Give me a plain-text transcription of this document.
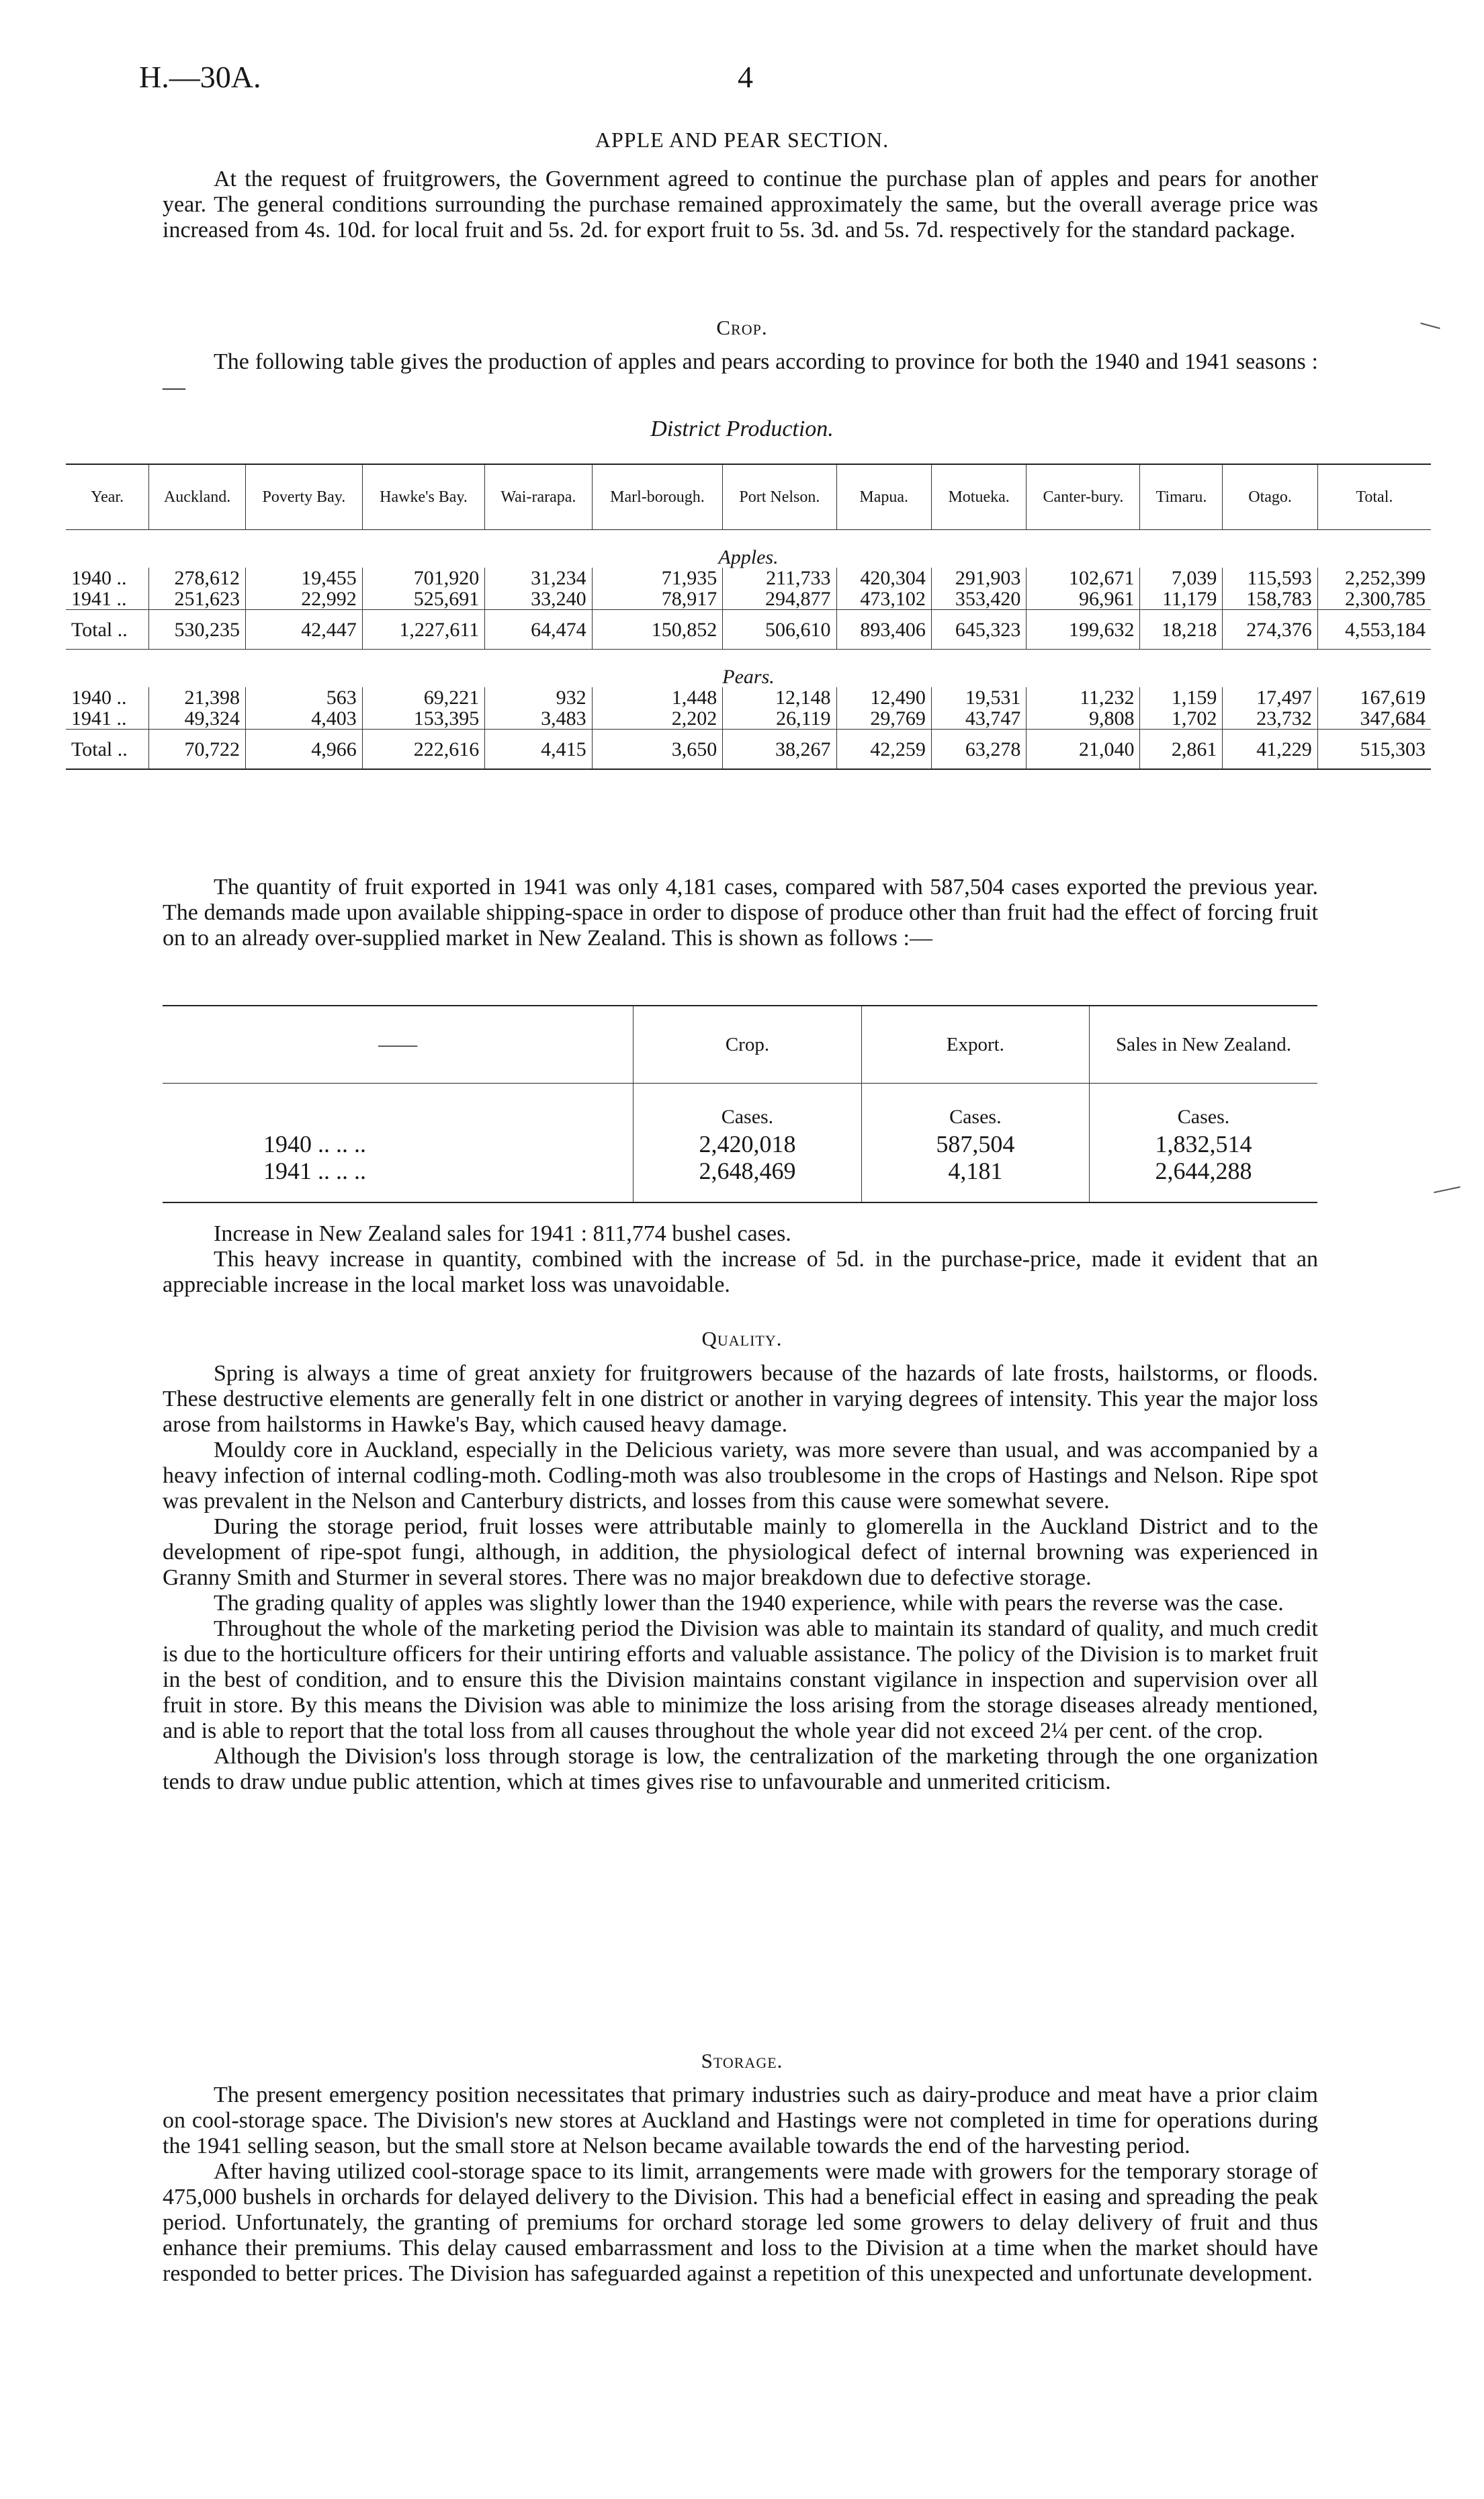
H.—30A.	4
APPLE AND PEAR SECTION.

At the request of fruitgrowers, the Government agreed to continue the purchase plan of apples and pears for another year. The general conditions surrounding the purchase remained approximately the same, but the overall average price was increased from 4s. 10d. for local fruit and 5s. 2d. for export fruit to 5s. 3d. and 5s. 7d. respectively for the standard package.

Crop.

The following table gives the production of apples and pears according to province for both the 1940 and 1941 seasons :—

District Production.
Year.	Auckland.	Poverty Bay.	Hawke's Bay.	Wai-rarapa.	Marl-borough.	Port Nelson.	Mapua.	Motueka.	Canter-bury.	Timaru.	Otago.	Total.
Apples.												
1940 ..	278,612	19,455	701,920	31,234	71,935	211,733	420,304	291,903	102,671	7,039	115,593	2,252,399
1941 ..	251,623	22,992	525,691	33,240	78,917	294,877	473,102	353,420	96,961	11,179	158,783	2,300,785
Total ..	530,235	42,447	1,227,611	64,474	150,852	506,610	893,406	645,323	199,632	18,218	274,376	4,553,184
Pears.												
1940 ..	21,398	563	69,221	932	1,448	12,148	12,490	19,531	11,232	1,159	17,497	167,619
1941 ..	49,324	4,403	153,395	3,483	2,202	26,119	29,769	43,747	9,808	1,702	23,732	347,684
Total ..	70,722	4,966	222,616	4,415	3,650	38,267	42,259	63,278	21,040	2,861	41,229	515,303

The quantity of fruit exported in 1941 was only 4,181 cases, compared with 587,504 cases exported the previous year. The demands made upon available shipping-space in order to dispose of produce other than fruit had the effect of forcing fruit on to an already over-supplied market in New Zealand. This is shown as follows :—

——	Crop.	Export.	Sales in New Zealand.
	Cases.	Cases.	Cases.
1940 .. .. ..	2,420,018	587,504	1,832,514
1941 .. .. ..	2,648,469	4,181	2,644,288
Increase in New Zealand sales for 1941 : 811,774 bushel cases.

This heavy increase in quantity, combined with the increase of 5d. in the purchase-price, made it evident that an appreciable increase in the local market loss was unavoidable.

Quality.

Spring is always a time of great anxiety for fruitgrowers because of the hazards of late frosts, hailstorms, or floods. These destructive elements are generally felt in one district or another in varying degrees of intensity. This year the major loss arose from hailstorms in Hawke's Bay, which caused heavy damage.

Mouldy core in Auckland, especially in the Delicious variety, was more severe than usual, and was accompanied by a heavy infection of internal codling-moth. Codling-moth was also troublesome in the crops of Hastings and Nelson. Ripe spot was prevalent in the Nelson and Canterbury districts, and losses from this cause were somewhat severe.

During the storage period, fruit losses were attributable mainly to glomerella in the Auckland District and to the development of ripe-spot fungi, although, in addition, the physiological defect of internal browning was experienced in Granny Smith and Sturmer in several stores. There was no major breakdown due to defective storage.

The grading quality of apples was slightly lower than the 1940 experience, while with pears the reverse was the case.

Throughout the whole of the marketing period the Division was able to maintain its standard of quality, and much credit is due to the horticulture officers for their untiring efforts and valuable assistance. The policy of the Division is to market fruit in the best of condition, and to ensure this the Division maintains constant vigilance in inspection and supervision over all fruit in store. By this means the Division was able to minimize the loss arising from the storage diseases already mentioned, and is able to report that the total loss from all causes throughout the whole year did not exceed 2¼ per cent. of the crop.

Although the Division's loss through storage is low, the centralization of the marketing through the one organization tends to draw undue public attention, which at times gives rise to unfavourable and unmerited criticism.

Storage.

The present emergency position necessitates that primary industries such as dairy-produce and meat have a prior claim on cool-storage space. The Division's new stores at Auckland and Hastings were not completed in time for operations during the 1941 selling season, but the small store at Nelson became available towards the end of the harvesting period.

After having utilized cool-storage space to its limit, arrangements were made with growers for the temporary storage of 475,000 bushels in orchards for delayed delivery to the Division. This had a beneficial effect in easing and spreading the peak period. Unfortunately, the granting of premiums for orchard storage led some growers to delay delivery of fruit and thus enhance their premiums. This delay caused embarrassment and loss to the Division at a time when the market should have responded to better prices. The Division has safeguarded against a repetition of this unexpected and unfortunate development.
